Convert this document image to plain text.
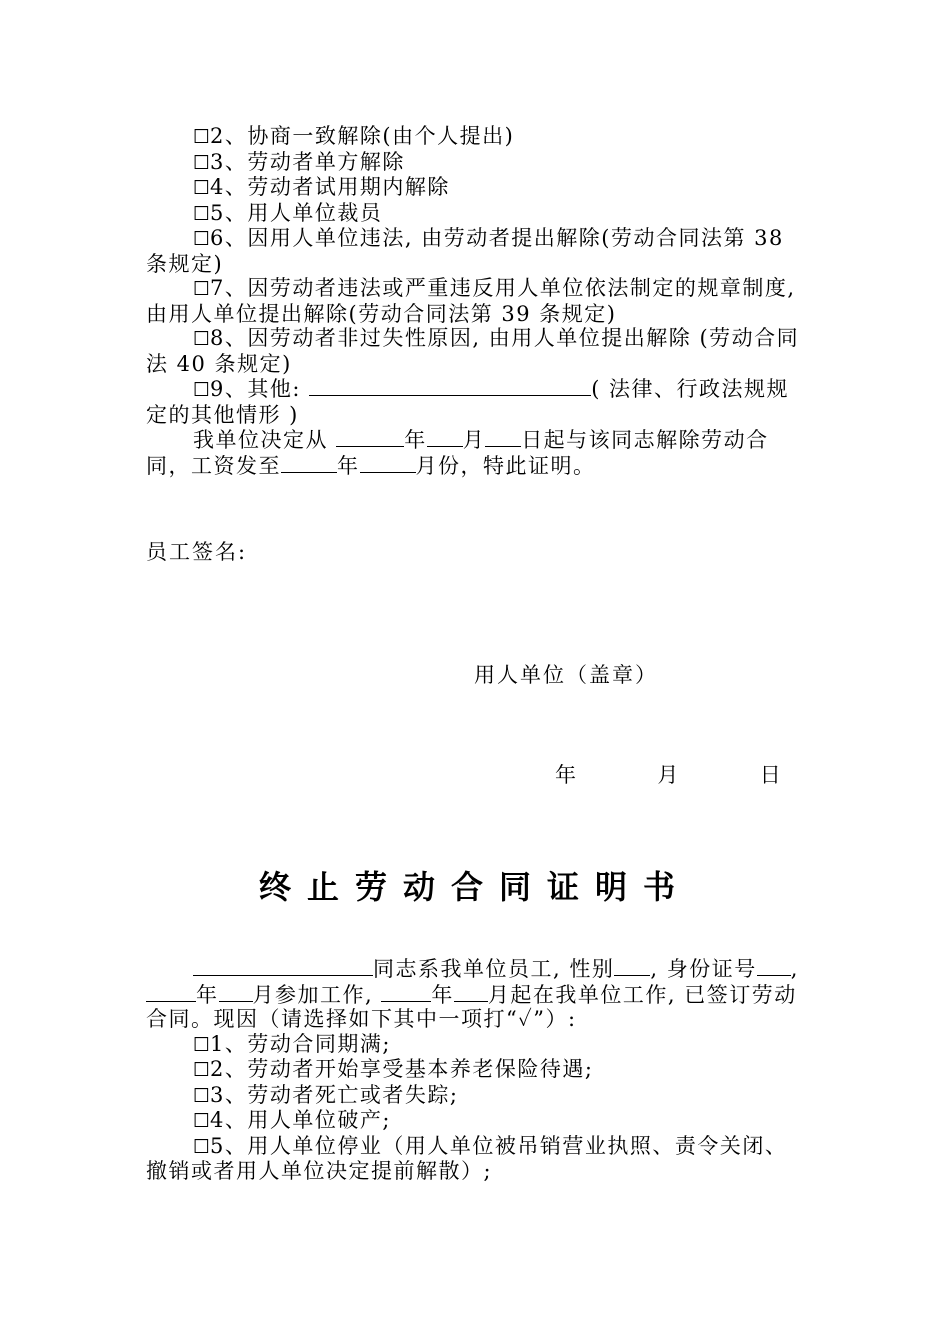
☐2、协商一致解除(由个人提出)

☐3、劳动者单方解除

☐4、劳动者试用期内解除

☐5、用人单位裁员

☐6、因用人单位违法, 由劳动者提出解除(劳动合同法第 38 条规定)

☐7、因劳动者违法或严重违反用人单位依法制定的规章制度, 由用人单位提出解除(劳动合同法第 39 条规定)

☐8、因劳动者非过失性原因, 由用人单位提出解除 (劳动合同法 40 条规定)

☐9、其他:	( 法律、行政法规规定的其他情形 )

我单位决定从	年 月 日起与该同志解除劳动合同，工资发至	年	月份，特此证明。

员工签名:
用人单位（盖章）
年	月	日
终止劳动合同证明书

同志系我单位员工, 性别 , 身份证号 ,年 月参加工作,	年 月起在我单位工作, 已签订劳动合同。现因（请选择如下其中一项打“✓”）:

☐1、劳动合同期满;

☐2、劳动者开始享受基本养老保险待遇;

☐3、劳动者死亡或者失踪;

☐4、用人单位破产;

☐5、用人单位停业（用人单位被吊销营业执照、责令关闭、撤销或者用人单位决定提前解散）;
